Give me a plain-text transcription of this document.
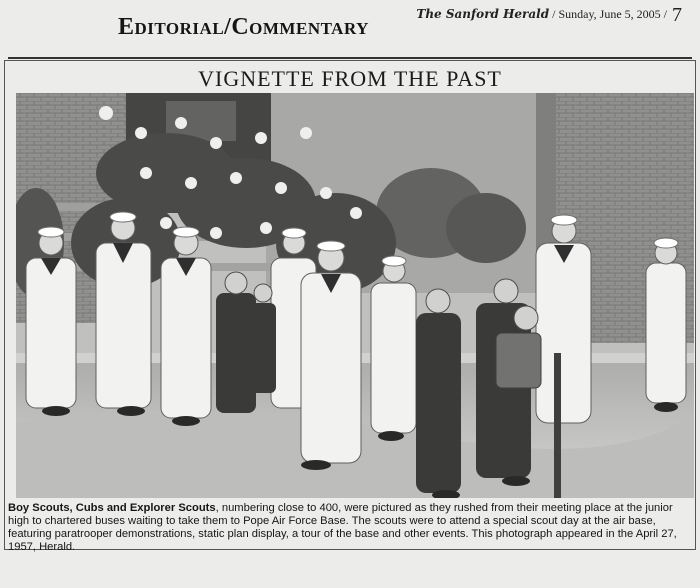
Editorial/Commentary	The Sanford Herald / Sunday, June 5, 2005 / 7
VIGNETTE FROM THE PAST
Boy Scouts, Cubs and Explorer Scouts, numbering close to 400, were pictured as they rushed from their meeting place at the junior high to chartered buses waiting to take them to Pope Air Force Base. The scouts were to attend a special scout day at the air base, featuring paratrooper demonstrations, static plan display, a tour of the base and other events. This photograph appeared in the April 27, 1957, Herald.
